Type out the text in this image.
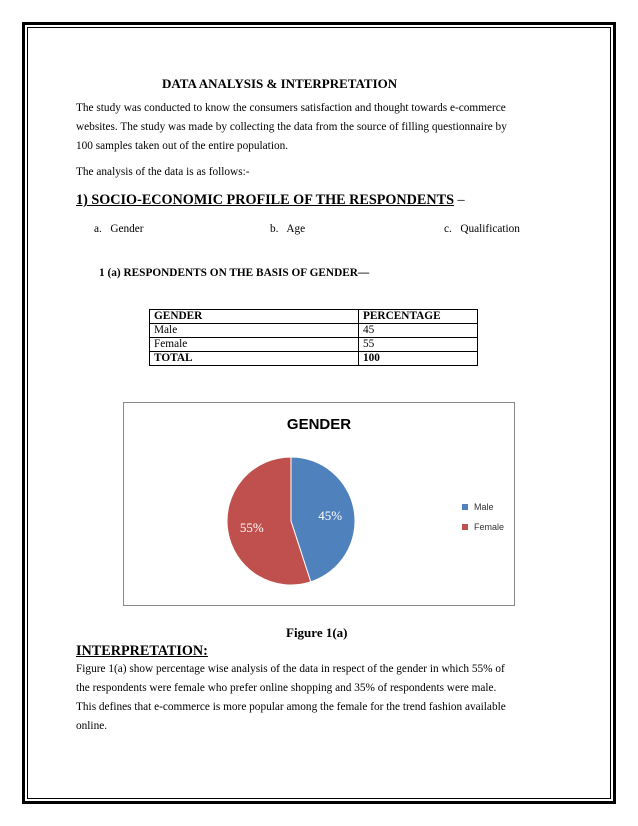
DATA ANALYSIS & INTERPRETATION
The study was conducted to know the consumers satisfaction and thought towards e-commerce
websites. The study was made by collecting the data from the source of filling questionnaire by
100 samples taken out of the entire population.
The analysis of the data is as follows:-
1) SOCIO-ECONOMIC PROFILE OF THE RESPONDENTS –
a. Gender	b. Age	c. Qualification
1 (a) RESPONDENTS ON THE BASIS OF GENDER—
GENDER	PERCENTAGE
Male	45
Female	55
TOTAL	100
GENDER
45%
55%
Male
Female
Figure 1(a)
INTERPRETATION:
Figure 1(a) show percentage wise analysis of the data in respect of the gender in which 55% of
the respondents were female who prefer online shopping and 35% of respondents were male.
This defines that e-commerce is more popular among the female for the trend fashion available
online.
